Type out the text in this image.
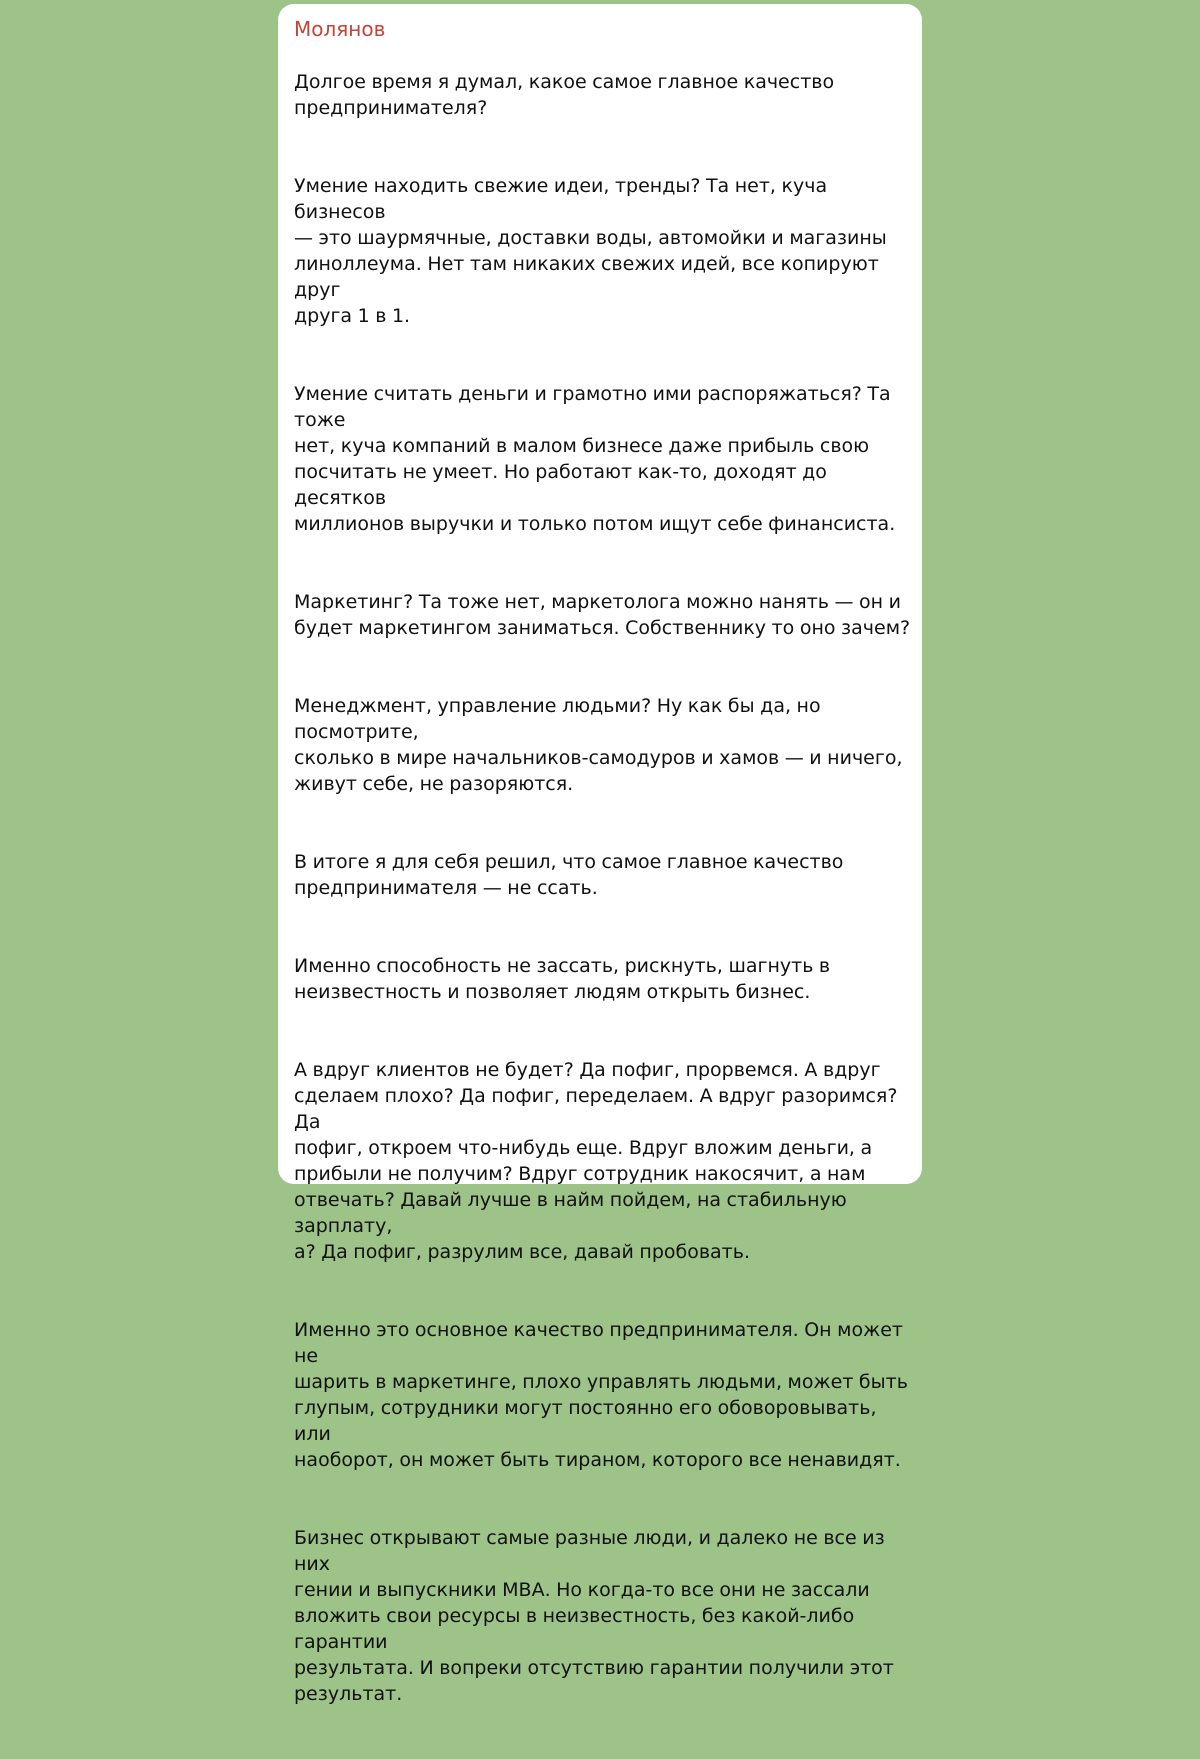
Молянов

Долгое время я думал, какое самое главное качество
предпринимателя?

Умение находить свежие идеи, тренды? Та нет, куча бизнесов
— это шаурмячные, доставки воды, автомойки и магазины
линоллеума. Нет там никаких свежих идей, все копируют друг
друга 1 в 1.

Умение считать деньги и грамотно ими распоряжаться? Та тоже
нет, куча компаний в малом бизнесе даже прибыль свою
посчитать не умеет. Но работают как-то, доходят до десятков
миллионов выручки и только потом ищут себе финансиста.

Маркетинг? Та тоже нет, маркетолога можно нанять — он и
будет маркетингом заниматься. Собственнику то оно зачем?

Менеджмент, управление людьми? Ну как бы да, но посмотрите,
сколько в мире начальников-самодуров и хамов — и ничего,
живут себе, не разоряются.

В итоге я для себя решил, что самое главное качество
предпринимателя — не ссать.

Именно способность не зассать, рискнуть, шагнуть в
неизвестность и позволяет людям открыть бизнес.

А вдруг клиентов не будет? Да пофиг, прорвемся. А вдруг
сделаем плохо? Да пофиг, переделаем. А вдруг разоримся? Да
пофиг, откроем что-нибудь еще. Вдруг вложим деньги, а
прибыли не получим? Вдруг сотрудник накосячит, а нам
отвечать? Давай лучше в найм пойдем, на стабильную зарплату,
а? Да пофиг, разрулим все, давай пробовать.

Именно это основное качество предпринимателя. Он может не
шарить в маркетинге, плохо управлять людьми, может быть
глупым, сотрудники могут постоянно его обоворовывать, или
наоборот, он может быть тираном, которого все ненавидят.

Бизнес открывают самые разные люди, и далеко не все из них
гении и выпускники МВА. Но когда-то все они не зассали
вложить свои ресурсы в неизвестность, без какой-либо гарантии
результата. И вопреки отсутствию гарантии получили этот
результат.
